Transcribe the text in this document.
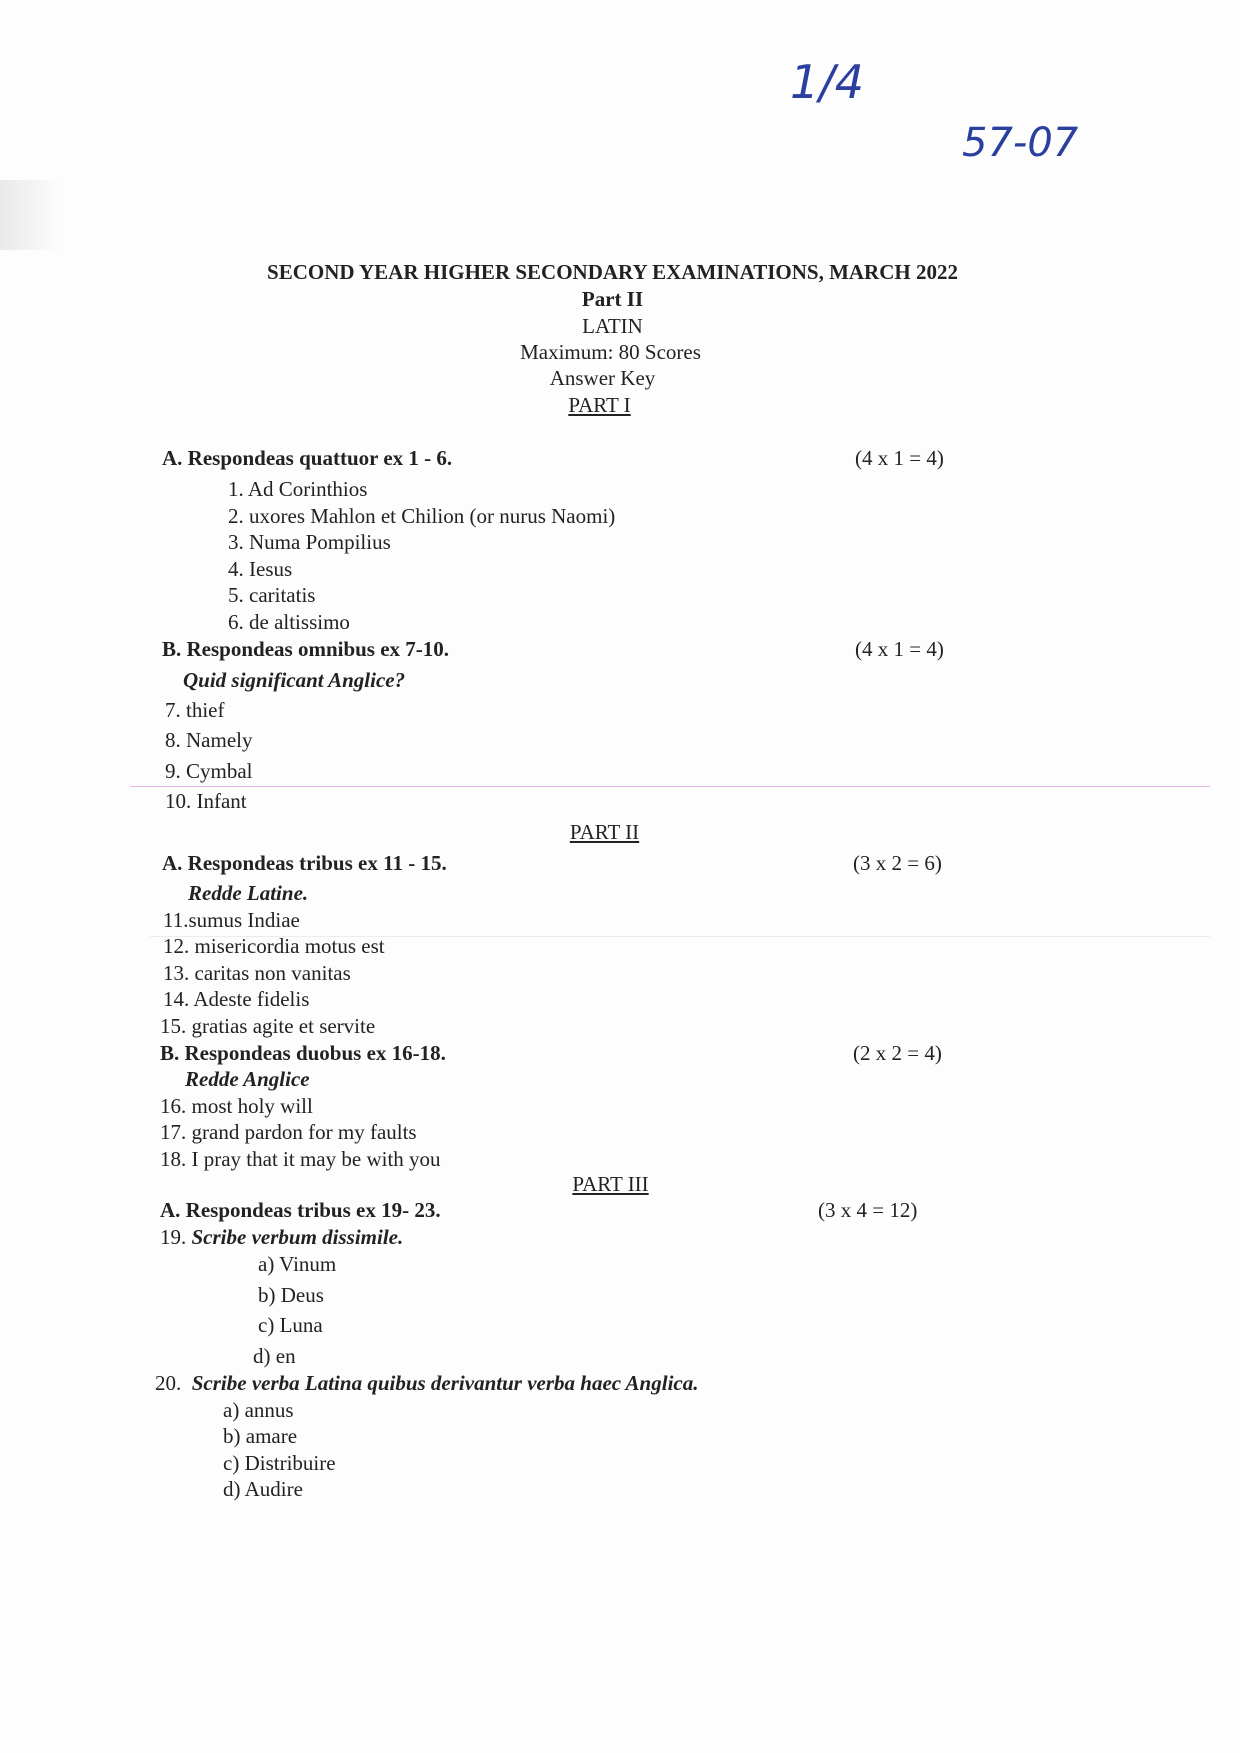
1/4
57-07
SECOND YEAR HIGHER SECONDARY EXAMINATIONS, MARCH 2022
Part II
LATIN
Maximum: 80 Scores
Answer Key
PART I
A. Respondeas quattuor ex 1 - 6.	(4 x 1 = 4)
1. Ad Corinthios
2. uxores Mahlon et Chilion (or nurus Naomi)
3. Numa Pompilius
4. Iesus
5. caritatis
6. de altissimo
B. Respondeas omnibus ex 7-10.	(4 x 1 = 4)
Quid significant Anglice?
7. thief
8. Namely
9. Cymbal
10. Infant
PART II
A. Respondeas tribus ex 11 - 15.	(3 x 2 = 6)
Redde Latine.
11.sumus Indiae
12. misericordia motus est
13. caritas non vanitas
14. Adeste fidelis
15. gratias agite et servite
B. Respondeas duobus ex 16-18.	(2 x 2 = 4)
Redde Anglice
16. most holy will
17. grand pardon for my faults
18. I pray that it may be with you
PART III
A. Respondeas tribus ex 19- 23.	(3 x 4 = 12)
19. Scribe verbum dissimile.
a) Vinum
b) Deus
c) Luna
d) en
20. Scribe verba Latina quibus derivantur verba haec Anglica.
a) annus
b) amare
c) Distribuire
d) Audire
